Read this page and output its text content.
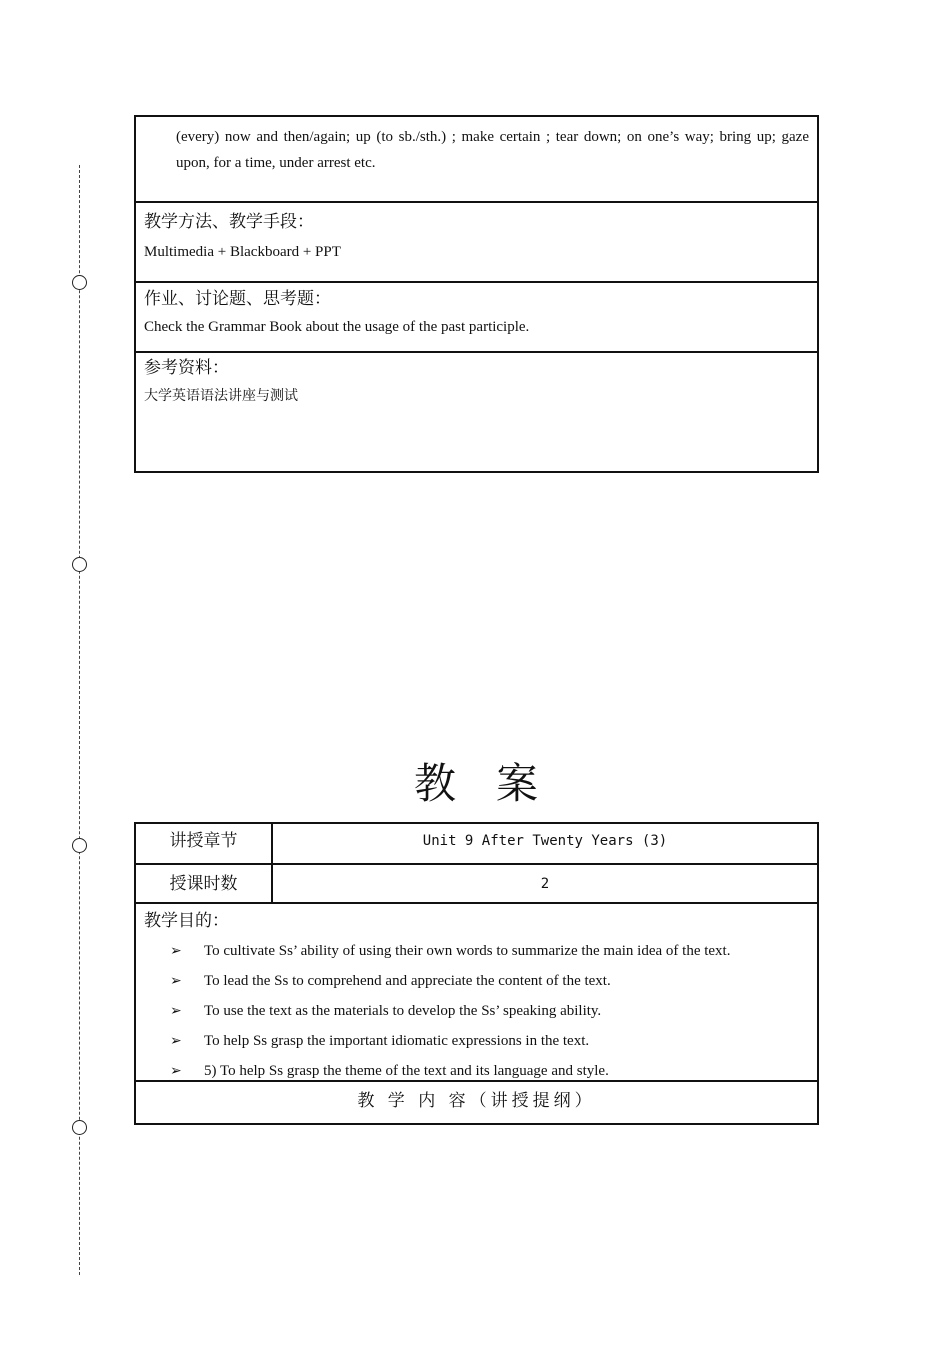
(every) now and then/again; up (to sb./sth.) ; make certain ; tear down; on one’s way; bring up; gaze upon, for a time, under arrest etc.

教学方法、教学手段：
Multimedia + Blackboard + PPT
作业、讨论题、思考题：
Check the Grammar Book about the usage of the past participle.
参考资料：
大学英语语法讲座与测试
教案
讲授章节	Unit 9 After Twenty Years (3)
授课时数	2
教学目的：
➢	To cultivate Ss’ ability of using their own words to summarize the main idea of the text.
➢	To lead the Ss to comprehend and appreciate the content of the text.
➢	To use the text as the materials to develop the Ss’ speaking ability.
➢	To help Ss grasp the important idiomatic expressions in the text.
➢	5) To help Ss grasp the theme of the text and its language and style.
教 学 内 容（讲授提纲）
